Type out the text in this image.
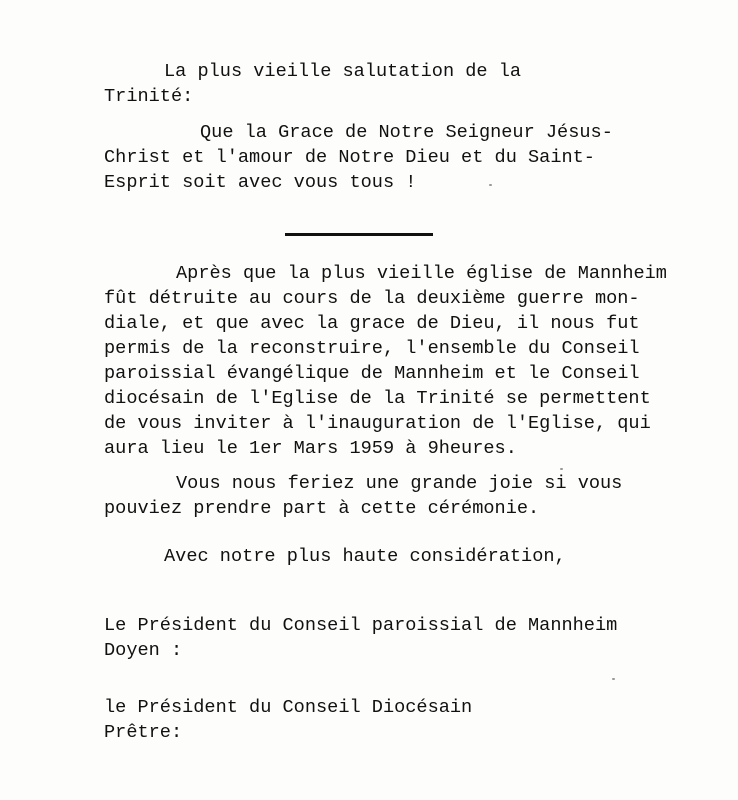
La plus vieille salutation de la
Trinité:
Que la Grace de Notre Seigneur Jésus-
Christ et l'amour de Notre Dieu et du Saint-
Esprit soit avec vous tous !
Après que la plus vieille église de Mannheim
fût détruite au cours de la deuxième guerre mon-
diale, et que avec la grace de Dieu, il nous fut
permis de la reconstruire, l'ensemble du Conseil
paroissial évangélique de Mannheim et le Conseil
diocésain de l'Eglise de la Trinité se permettent
de vous inviter à l'inauguration de l'Eglise, qui
aura lieu le 1er Mars 1959 à 9heures.
Vous nous feriez une grande joie si vous
pouviez prendre part à cette cérémonie.
Avec notre plus haute considération,
Le Président du Conseil paroissial de Mannheim
Doyen :
le Président du Conseil Diocésain
Prêtre:
